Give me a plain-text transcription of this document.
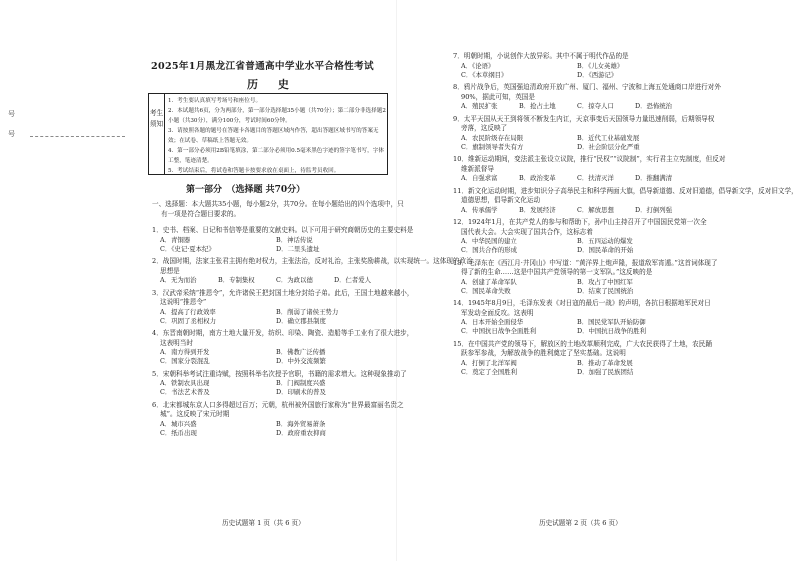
号
号
2025年1月黑龙江省普通高中学业水平合格性考试
历 史
考生须知
1．考生要认真填写考场号和座位号。
2．本试题共6页，分为两部分，第一部分选择题35小题（共70分）；第二部分非选择题2小题（共30分），满分100分，考试时间60分钟。
3．请按照各题的题号在答题卡各题目的答题区域内作答，超出答题区域书写的答案无效；在试卷、草稿纸上答题无效。
4．第一部分必须用2B铅笔填涂，第二部分必须用0.5毫米黑色字迹的签字笔书写，字体工整，笔迹清楚。
5．考试结束后，将试卷和答题卡按要求放在桌面上，待监考员收回。
第一部分　（选择题 共70分）
一、选择题：本大题共35小题，每小题2分，共70分。在每小题给出的四个选项中，只
有一项是符合题目要求的。
1．史书、档案、日记和书信等是重要的文献史料。以下可用于研究商朝历史的主要史料是
A．青铜器	B．神话传说
C．《史记·夏本纪》	D．二里头遗址
2．战国时期，法家主张君主拥有绝对权力，主张法治，反对礼治，主张奖励耕战，以实现统一。这体现的政治
思想是
A．无为而治	B．专制集权	C．为政以德	D．仁者爱人
3．汉武帝采纳“推恩令”，允许诸侯王把封国土地分封给子弟。此后，王国土地越来越小，
这说明“推恩令”
A．提高了行政效率	B．削弱了诸侯王势力
C．巩固了丞相权力	D．确立郡县制度
4．东晋南朝时期，南方土地大量开发，纺织、印染、陶瓷、造船等手工业有了很大进步，
这表明当时
A．南方得到开发	B．佛教广泛传播
C．国家分裂混乱	D．中外交流频繁
5．宋朝科举考试注重诗赋，按照科举名次授予官职，书籍的需求增大。这种现象推动了
A．铁制农具出现	B．门阀制度兴盛
C．书法艺术普及	D．印刷术的普及
6．北宋都城东京人口多得超过百万；元朝，杭州被外国旅行家称为“世界最富丽名贵之
城”。这反映了宋元时期
A．城市兴盛	B．海外贸易萧条
C．纸币出现	D．政府重农抑商
历史试题第 1 页（共 6 页）
7．明朝时期，小说创作大放异彩。其中不属于明代作品的是
A．《论语》	B．《儿女英雄》
C．《本草纲目》	D．《西游记》
8．鸦片战争后，英国强迫清政府开放广州、厦门、福州、宁波和上海五处通商口岸进行对外
90%，据此可知，英国是
A．殖民扩张	B．抢占土地	C．掠夺人口	D．恐怖统治
9．太平天国从天王到将领不断发生内讧，天京事变后天国领导力量迅速削弱，后期领导权
旁落，这反映了
A．农民阶级存在局限	B．近代工业基础发展
C．旗制领导者失有方	D．社会阶层分化严重
10．维新运动期间，变法派主张设立议院，推行“民权”“议院制”，实行君主立宪制度，但反对
维新派督导
A．自强求富	B．政治变革	C．扶清灭洋	D．推翻满清
11．新文化运动时期，进步知识分子高举民主和科学两面大旗，倡导新道德、反对旧道德，倡导新文学，反对旧文学，
道德思想，倡导新文化运动
A．传承儒学	B．发展经济	C．解放思想	D．打倒列强
12．1924年1月，在共产党人的参与和帮助下，孙中山主持召开了中国国民党第一次全
国代表大会。大会实现了国共合作，这标志着
A．中华民国的建立	B．五四运动的爆发
C．国共合作的形成	D．国民革命的开始
13．毛泽东在《西江月·井冈山》中写道：“黄洋界上炮声隆，报道敌军宵遁。”这首词体现了
得了新的生命……这是中国共产党领导的第一支军队。”这反映的是
A．创建了革命军队	B．攻占了中国红军
C．国民革命失败	D．结束了民国统治
14．1945年8月9日，毛泽东发表《对日寇的最后一战》的声明，各抗日根据地军民对日
军发动全面反攻。这表明
A．日本开始全面侵华	B．国民党军队开始防御
C．中国抗日战争全面胜利	D．中国抗日战争的胜利
15．在中国共产党的领导下，解放区的土地改革顺利完成，广大农民获得了土地，农民踊
跃参军参战，为解放战争的胜利奠定了坚实基础。这说明
A．打倒了北洋军阀	B．推动了革命发展
C．奠定了全国胜利	D．加强了民族团结
历史试题第 2 页（共 6 页）
